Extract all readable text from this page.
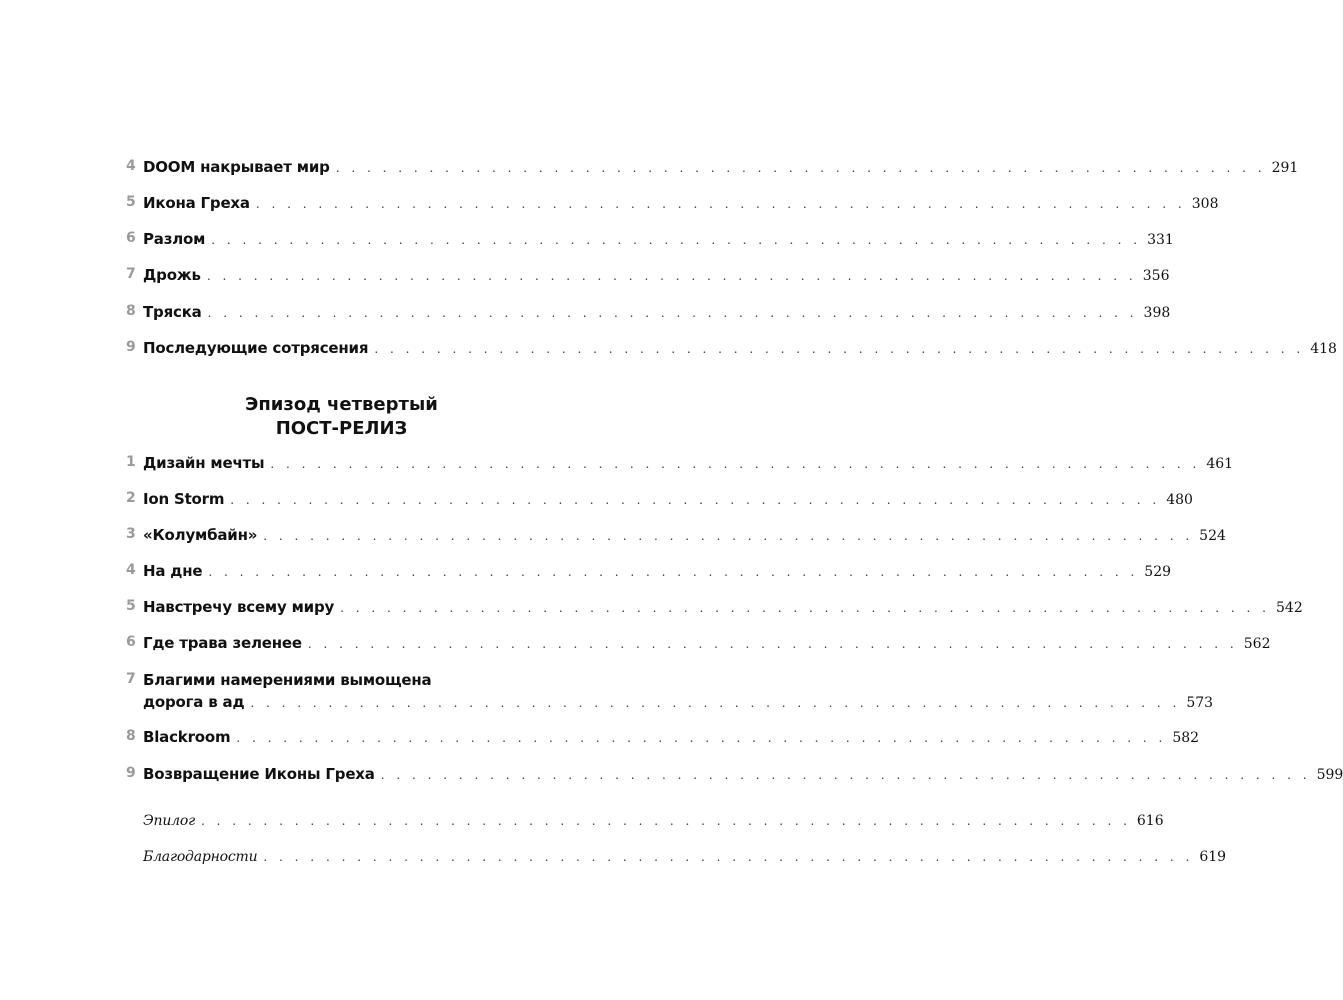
4 DOOM накрывает мир . . . . . . . . . . . . . . . . . . . . . . . . . . . . . . . . . . . . . . . . . . . . . . . . . . . . . . . . . . . . 291
5 Икона Греха . . . . . . . . . . . . . . . . . . . . . . . . . . . . . . . . . . . . . . . . . . . . . . . . . . . . . . . . . . . . 308
6 Разлом . . . . . . . . . . . . . . . . . . . . . . . . . . . . . . . . . . . . . . . . . . . . . . . . . . . . . . . . . . . . 331
7 Дрожь . . . . . . . . . . . . . . . . . . . . . . . . . . . . . . . . . . . . . . . . . . . . . . . . . . . . . . . . . . . . 356
8 Тряска . . . . . . . . . . . . . . . . . . . . . . . . . . . . . . . . . . . . . . . . . . . . . . . . . . . . . . . . . . . . 398
9 Последующие сотрясения . . . . . . . . . . . . . . . . . . . . . . . . . . . . . . . . . . . . . . . . . . . . . . . . . . . . . . . . . . . . 418
Эпизод четвертый
ПОСТ-РЕЛИЗ
1 Дизайн мечты . . . . . . . . . . . . . . . . . . . . . . . . . . . . . . . . . . . . . . . . . . . . . . . . . . . . . . . . . . . . 461
2 Ion Storm . . . . . . . . . . . . . . . . . . . . . . . . . . . . . . . . . . . . . . . . . . . . . . . . . . . . . . . . . . . . 480
3 «Колумбайн» . . . . . . . . . . . . . . . . . . . . . . . . . . . . . . . . . . . . . . . . . . . . . . . . . . . . . . . . . . . . 524
4 На дне . . . . . . . . . . . . . . . . . . . . . . . . . . . . . . . . . . . . . . . . . . . . . . . . . . . . . . . . . . . . 529
5 Навстречу всему миру . . . . . . . . . . . . . . . . . . . . . . . . . . . . . . . . . . . . . . . . . . . . . . . . . . . . . . . . . . . . 542
6 Где трава зеленее . . . . . . . . . . . . . . . . . . . . . . . . . . . . . . . . . . . . . . . . . . . . . . . . . . . . . . . . . . . . 562
7 Благими намерениями вымощена
дорога в ад . . . . . . . . . . . . . . . . . . . . . . . . . . . . . . . . . . . . . . . . . . . . . . . . . . . . . . . . . . . . 573
8 Blackroom . . . . . . . . . . . . . . . . . . . . . . . . . . . . . . . . . . . . . . . . . . . . . . . . . . . . . . . . . . . . 582
9 Возвращение Иконы Греха . . . . . . . . . . . . . . . . . . . . . . . . . . . . . . . . . . . . . . . . . . . . . . . . . . . . . . . . . . . . 599
Эпилог . . . . . . . . . . . . . . . . . . . . . . . . . . . . . . . . . . . . . . . . . . . . . . . . . . . . . . . . . . . . 616
Благодарности . . . . . . . . . . . . . . . . . . . . . . . . . . . . . . . . . . . . . . . . . . . . . . . . . . . . . . . . . . . . 619
